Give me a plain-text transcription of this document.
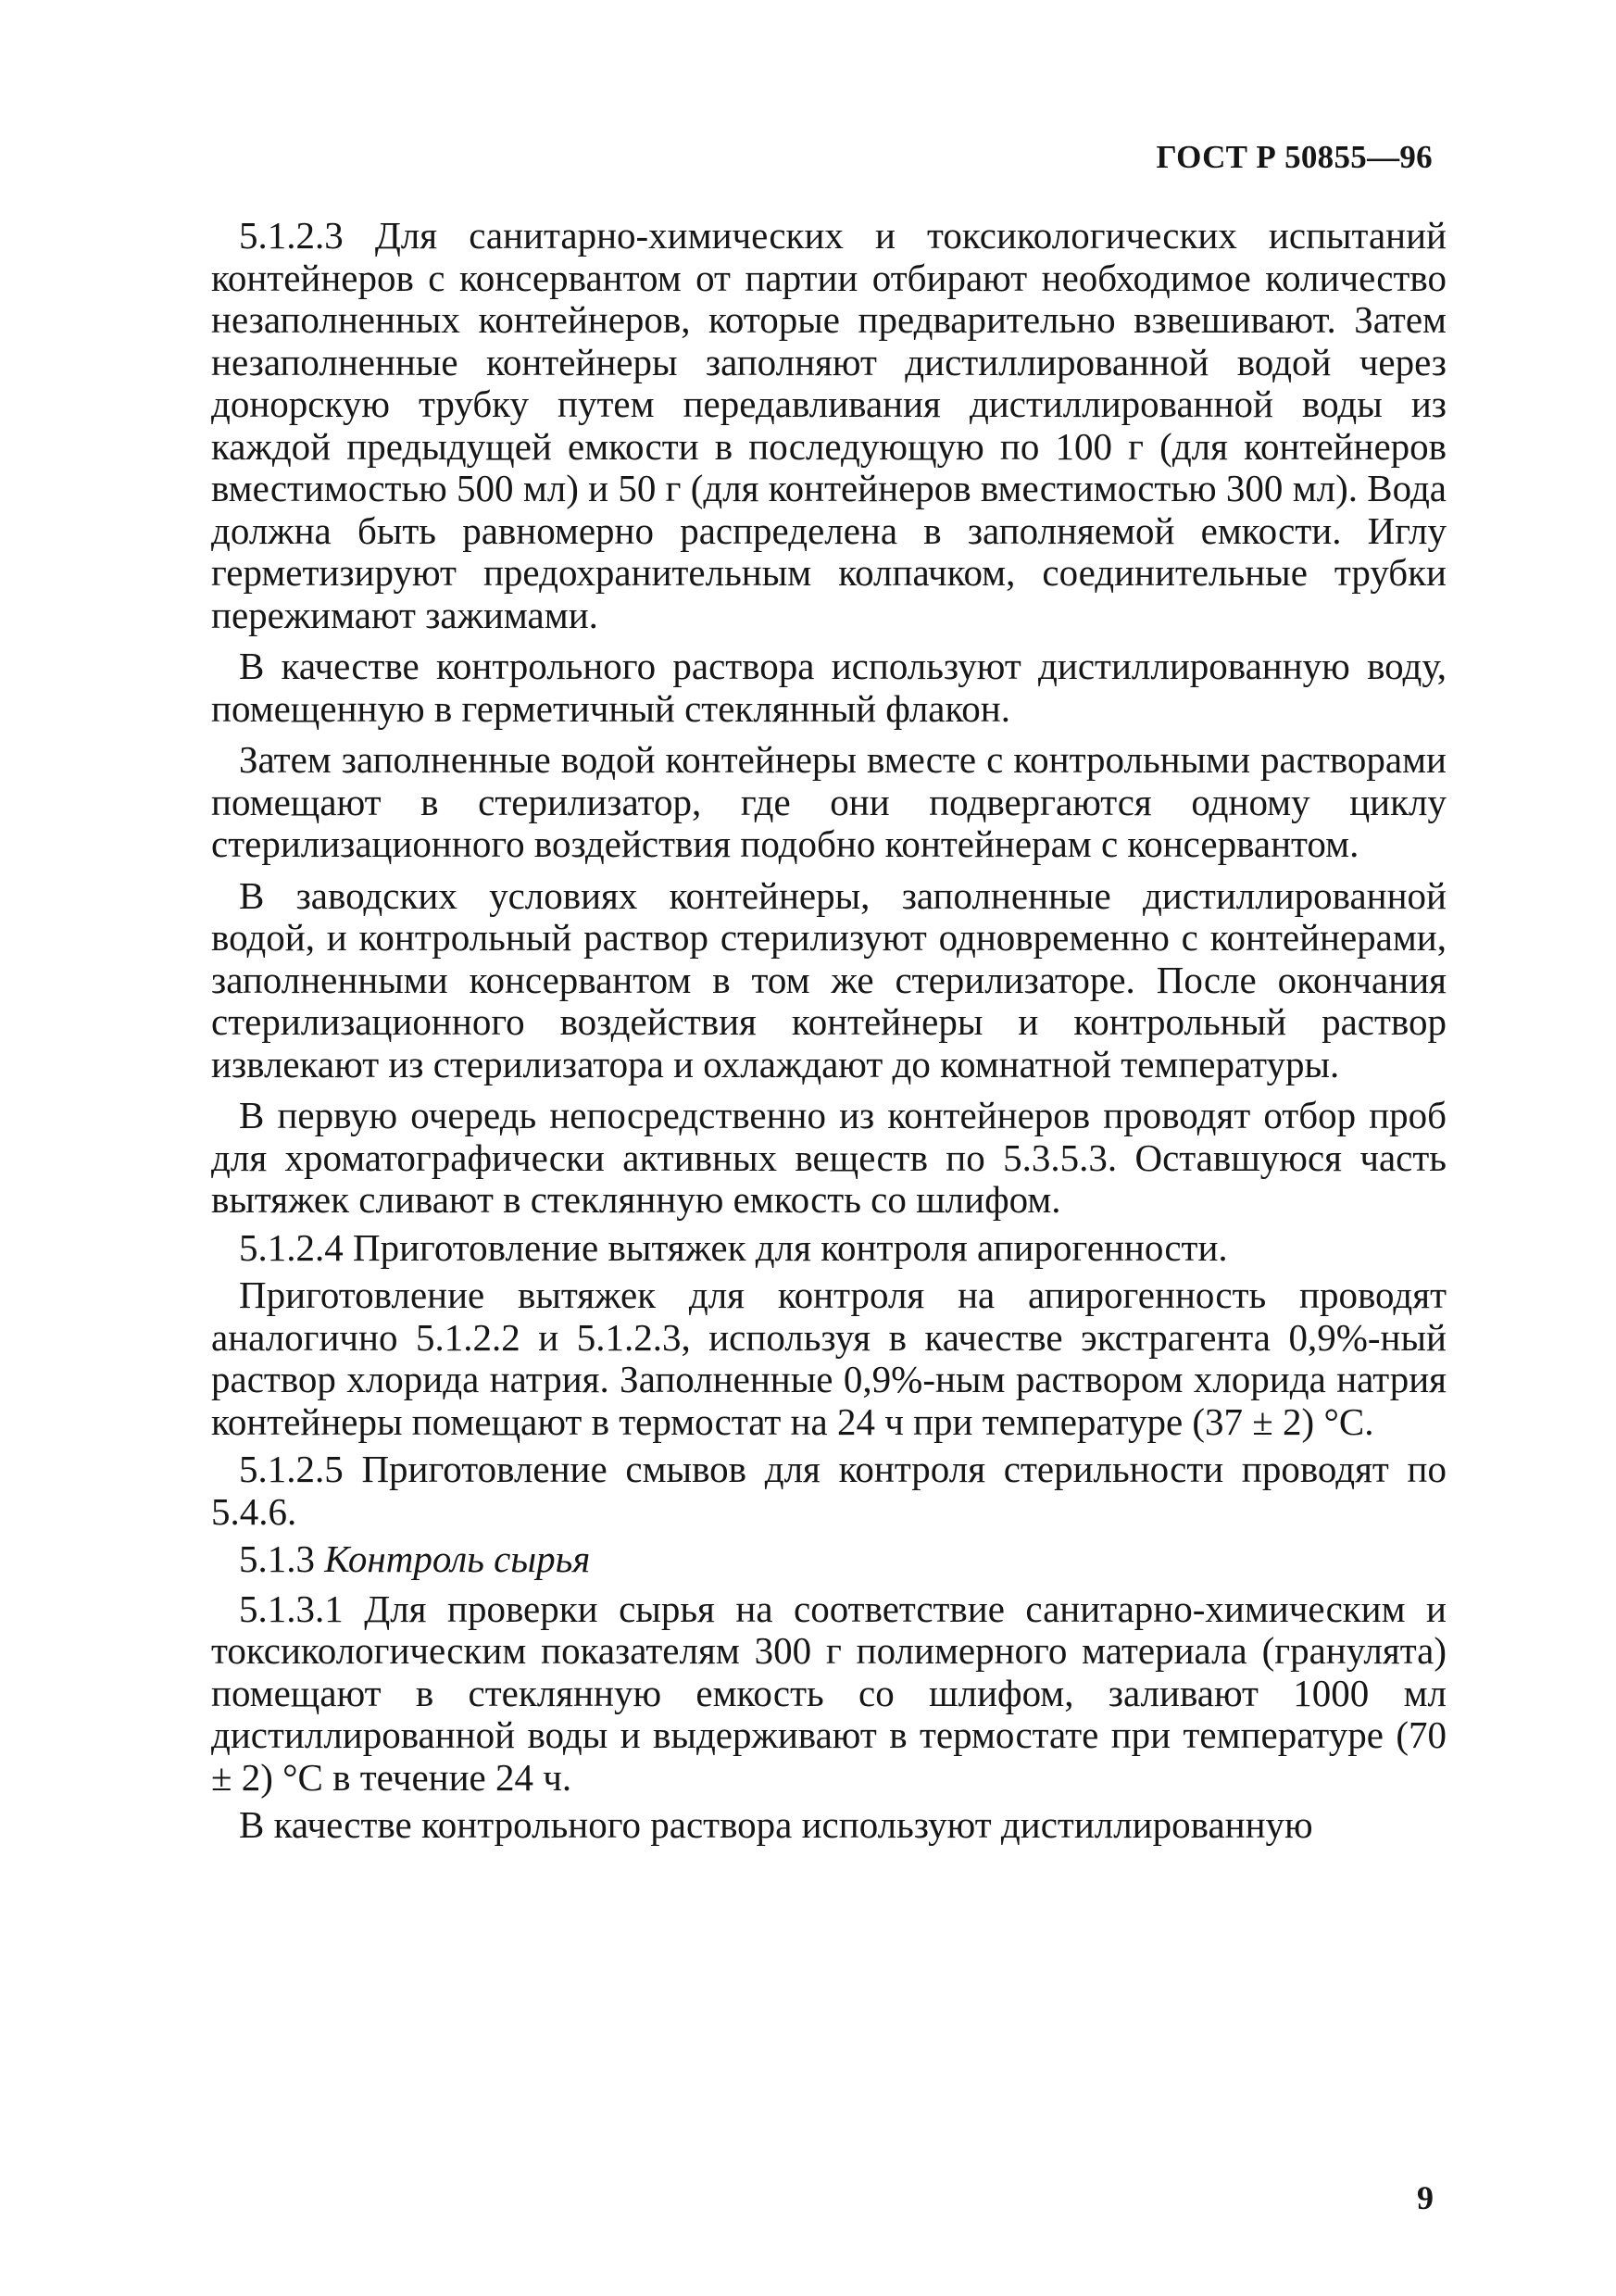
ГОСТ Р 50855—96

5.1.2.3 Для санитарно-химических и токсикологических испытаний контейнеров с консервантом от партии отбирают необходимое количество незаполненных контейнеров, которые предварительно взвешивают. Затем незаполненные контейнеры заполняют дистиллированной водой через донорскую трубку путем передавливания дистиллированной воды из каждой предыдущей емкости в последующую по 100 г (для контейнеров вместимостью 500 мл) и 50 г (для контейнеров вместимостью 300 мл). Вода должна быть равномерно распределена в заполняемой емкости. Иглу герметизируют предохранительным колпачком, соединительные трубки пережимают зажимами.

В качестве контрольного раствора используют дистиллированную воду, помещенную в герметичный стеклянный флакон.

Затем заполненные водой контейнеры вместе с контрольными растворами помещают в стерилизатор, где они подвергаются одному циклу стерилизационного воздействия подобно контейнерам с консервантом.

В заводских условиях контейнеры, заполненные дистиллированной водой, и контрольный раствор стерилизуют одновременно с контейнерами, заполненными консервантом в том же стерилизаторе. После окончания стерилизационного воздействия контейнеры и контрольный раствор извлекают из стерилизатора и охлаждают до комнатной температуры.

В первую очередь непосредственно из контейнеров проводят отбор проб для хроматографически активных веществ по 5.3.5.3. Оставшуюся часть вытяжек сливают в стеклянную емкость со шлифом.

5.1.2.4 Приготовление вытяжек для контроля апирогенности.

Приготовление вытяжек для контроля на апирогенность проводят аналогично 5.1.2.2 и 5.1.2.3, используя в качестве экстрагента 0,9%-ный раствор хлорида натрия. Заполненные 0,9%-ным раствором хлорида натрия контейнеры помещают в термостат на 24 ч при температуре (37 ± 2) °С.

5.1.2.5 Приготовление смывов для контроля стерильности проводят по 5.4.6.

5.1.3 Контроль сырья

5.1.3.1 Для проверки сырья на соответствие санитарно-химическим и токсикологическим показателям 300 г полимерного материала (гранулята) помещают в стеклянную емкость со шлифом, заливают 1000 мл дистиллированной воды и выдерживают в термостате при температуре (70 ± 2) °С в течение 24 ч.

В качестве контрольного раствора используют дистиллированную

9
